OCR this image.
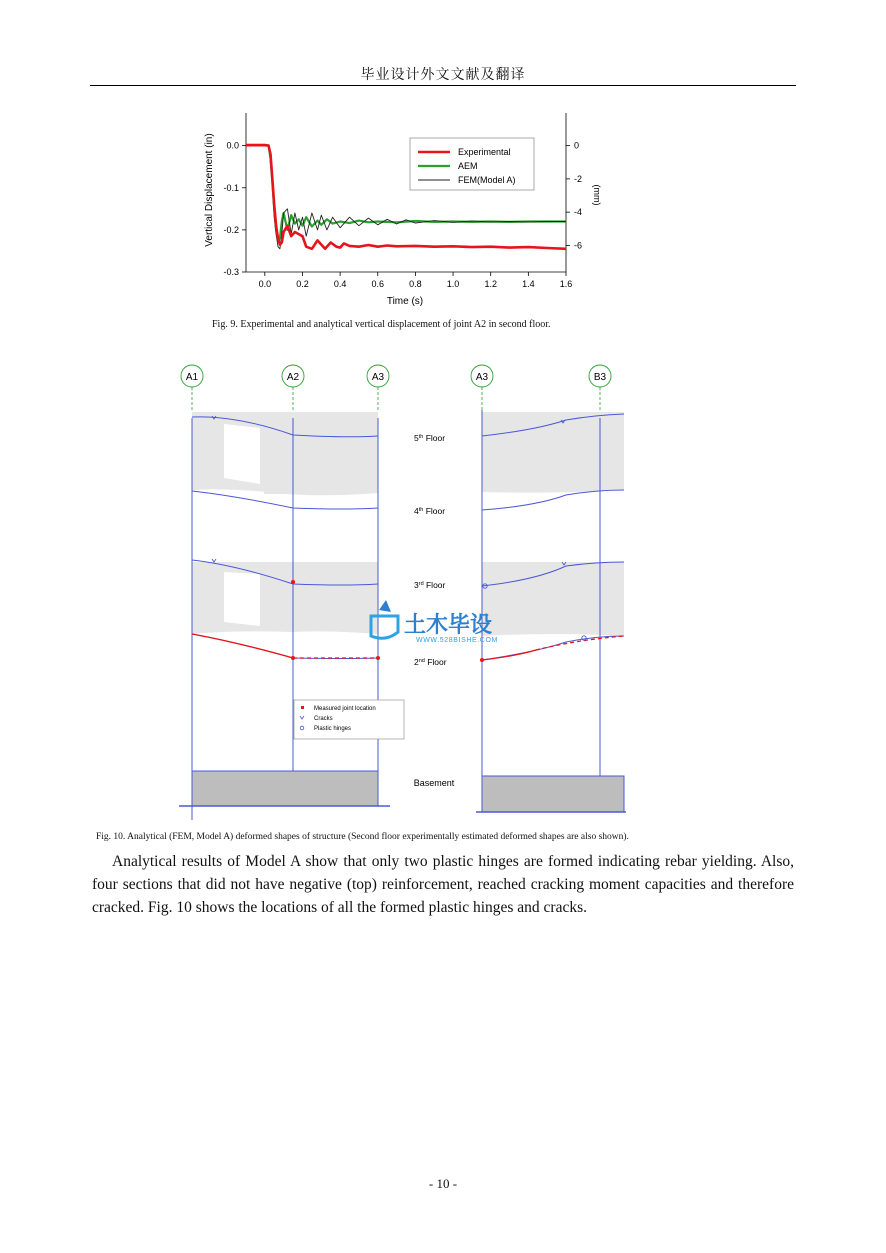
毕业设计外文文献及翻译
0.0	0.2	0.4	0.6	0.8	1.0	1.2	1.4	1.6
0.0
-0.1
-0.2
-0.3
0
-2
-4
-6
Time (s)
Vertical Displacement (in)	(mm)
Experimental
AEM
FEM(Model A)
Fig. 9. Experimental and analytical vertical displacement of joint A2 in second floor.
A1	A2	A3	A3	B3
Basement
5th Floor
4th Floor
3rd Floor
2nd Floor
Measured joint location
Cracks
Plastic hinges
土木毕设
WWW.528BISHE.COM
Fig. 10. Analytical (FEM, Model A) deformed shapes of structure (Second floor experimentally estimated deformed shapes are also shown).
Analytical results of Model A show that only two plastic hinges are formed indicating rebar yielding. Also, four sections that did not have negative (top) reinforcement, reached cracking moment capacities and therefore cracked. Fig. 10 shows the locations of all the formed plastic hinges and cracks.
- 10 -
